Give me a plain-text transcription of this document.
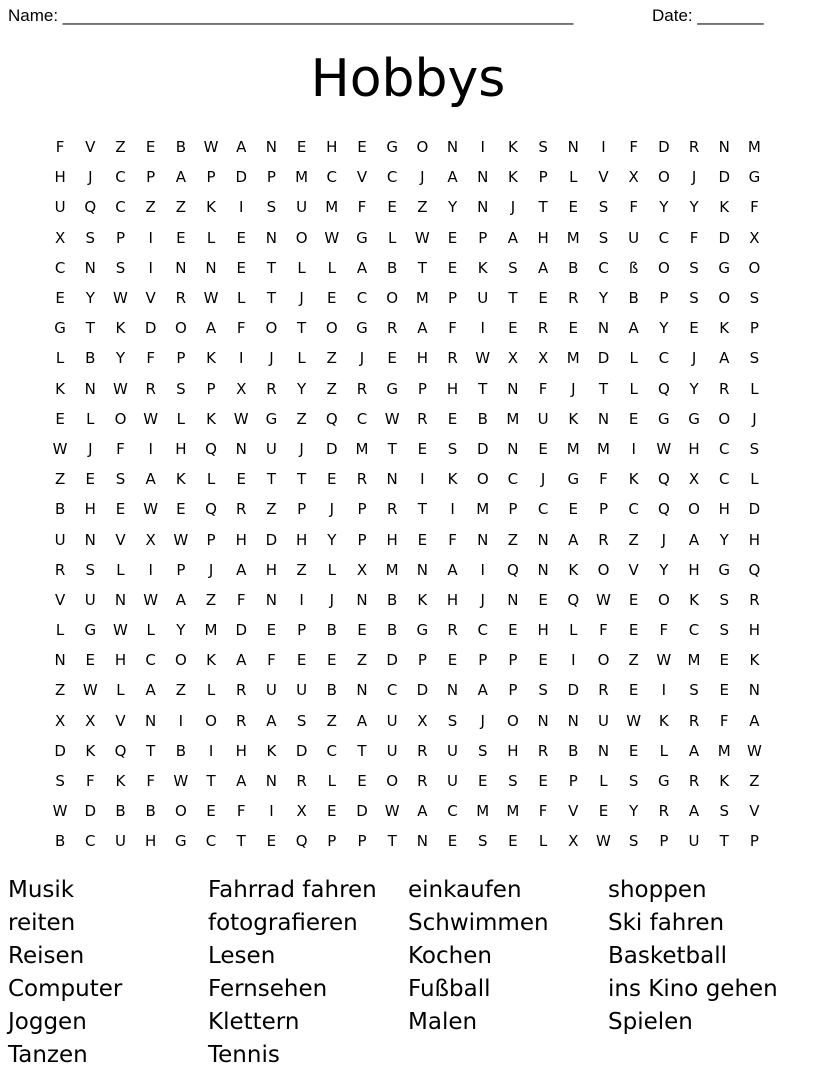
Name: ______________________________________________________	Date: _______
Hobbys
F	V	Z	E	B	W	A	N	E	H	E	G	O	N	I	K	S	N	I	F	D	R	N	M
H	J	C	P	A	P	D	P	M	C	V	C	J	A	N	K	P	L	V	X	O	J	D	G
U	Q	C	Z	Z	K	I	S	U	M	F	E	Z	Y	N	J	T	E	S	F	Y	Y	K	F
X	S	P	I	E	L	E	N	O	W	G	L	W	E	P	A	H	M	S	U	C	F	D	X
C	N	S	I	N	N	E	T	L	L	A	B	T	E	K	S	A	B	C	ß	O	S	G	O
E	Y	W	V	R	W	L	T	J	E	C	O	M	P	U	T	E	R	Y	B	P	S	O	S
G	T	K	D	O	A	F	O	T	O	G	R	A	F	I	E	R	E	N	A	Y	E	K	P
L	B	Y	F	P	K	I	J	L	Z	J	E	H	R	W	X	X	M	D	L	C	J	A	S
K	N	W	R	S	P	X	R	Y	Z	R	G	P	H	T	N	F	J	T	L	Q	Y	R	L
E	L	O	W	L	K	W	G	Z	Q	C	W	R	E	B	M	U	K	N	E	G	G	O	J
W	J	F	I	H	Q	N	U	J	D	M	T	E	S	D	N	E	M	M	I	W	H	C	S
Z	E	S	A	K	L	E	T	T	E	R	N	I	K	O	C	J	G	F	K	Q	X	C	L
B	H	E	W	E	Q	R	Z	P	J	P	R	T	I	M	P	C	E	P	C	Q	O	H	D
U	N	V	X	W	P	H	D	H	Y	P	H	E	F	N	Z	N	A	R	Z	J	A	Y	H
R	S	L	I	P	J	A	H	Z	L	X	M	N	A	I	Q	N	K	O	V	Y	H	G	Q
V	U	N	W	A	Z	F	N	I	J	N	B	K	H	J	N	E	Q	W	E	O	K	S	R
L	G	W	L	Y	M	D	E	P	B	E	B	G	R	C	E	H	L	F	E	F	C	S	H
N	E	H	C	O	K	A	F	E	E	Z	D	P	E	P	P	E	I	O	Z	W	M	E	K
Z	W	L	A	Z	L	R	U	U	B	N	C	D	N	A	P	S	D	R	E	I	S	E	N
X	X	V	N	I	O	R	A	S	Z	A	U	X	S	J	O	N	N	U	W	K	R	F	A
D	K	Q	T	B	I	H	K	D	C	T	U	R	U	S	H	R	B	N	E	L	A	M	W
S	F	K	F	W	T	A	N	R	L	E	O	R	U	E	S	E	P	L	S	G	R	K	Z
W	D	B	B	O	E	F	I	X	E	D	W	A	C	M	M	F	V	E	Y	R	A	S	V
B	C	U	H	G	C	T	E	Q	P	P	T	N	E	S	E	L	X	W	S	P	U	T	P
Musik	Fahrrad fahren	einkaufen	shoppen
reiten	fotografieren	Schwimmen	Ski fahren
Reisen	Lesen	Kochen	Basketball
Computer	Fernsehen	Fußball	ins Kino gehen
Joggen	Klettern	Malen	Spielen
Tanzen	Tennis
